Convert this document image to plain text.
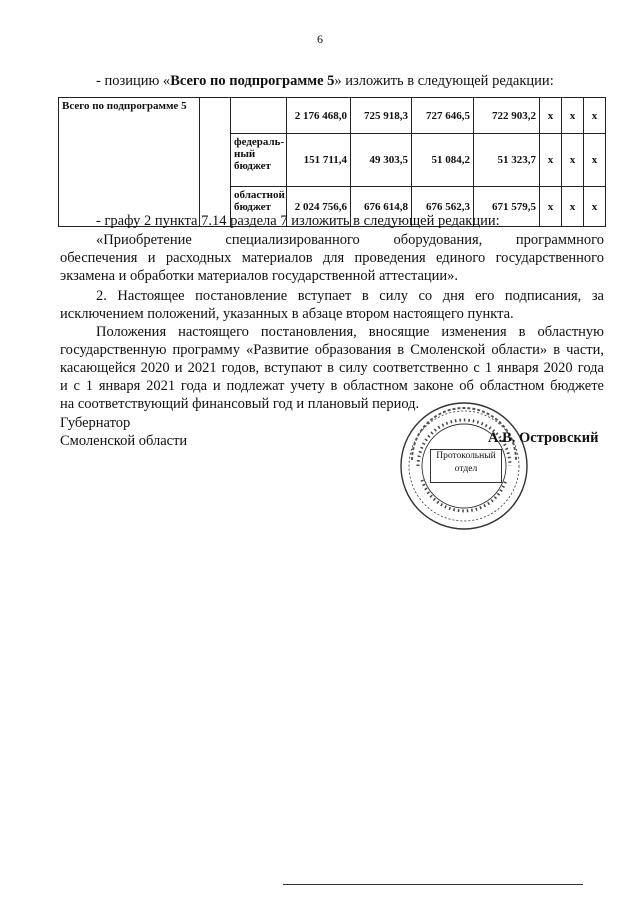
6
- позицию «Всего по подпрограмме 5» изложить в следующей редакции:
Всего по подпрограмме 5			2 176 468,0	725 918,3	727 646,5	722 903,2	x	x	x
		федераль-ный бюджет	151 711,4	49 303,5	51 084,2	51 323,7	x	x	x
		областной бюджет	2 024 756,6	676 614,8	676 562,3	671 579,5	x	x	x
- графу 2 пункта 7.14 раздела 7 изложить в следующей редакции:
«Приобретение специализированного оборудования, программного
обеспечения и расходных материалов для проведения единого государственного
экзамена и обработки материалов государственной аттестации».
2. Настоящее постановление вступает в силу со дня его подписания, за
исключением положений, указанных в абзаце втором настоящего пункта.
Положения настоящего постановления, вносящие изменения в областную
государственную программу «Развитие образования в Смоленской области» в части,
касающейся 2020 и 2021 годов, вступают в силу соответственно с 1 января 2020 года
и с 1 января 2021 года и подлежат учету в областном законе об областном бюджете
на соответствующий финансовый год и плановый период.
Губернатор
Смоленской области
Протокольный
отдел
А.В. Островский
